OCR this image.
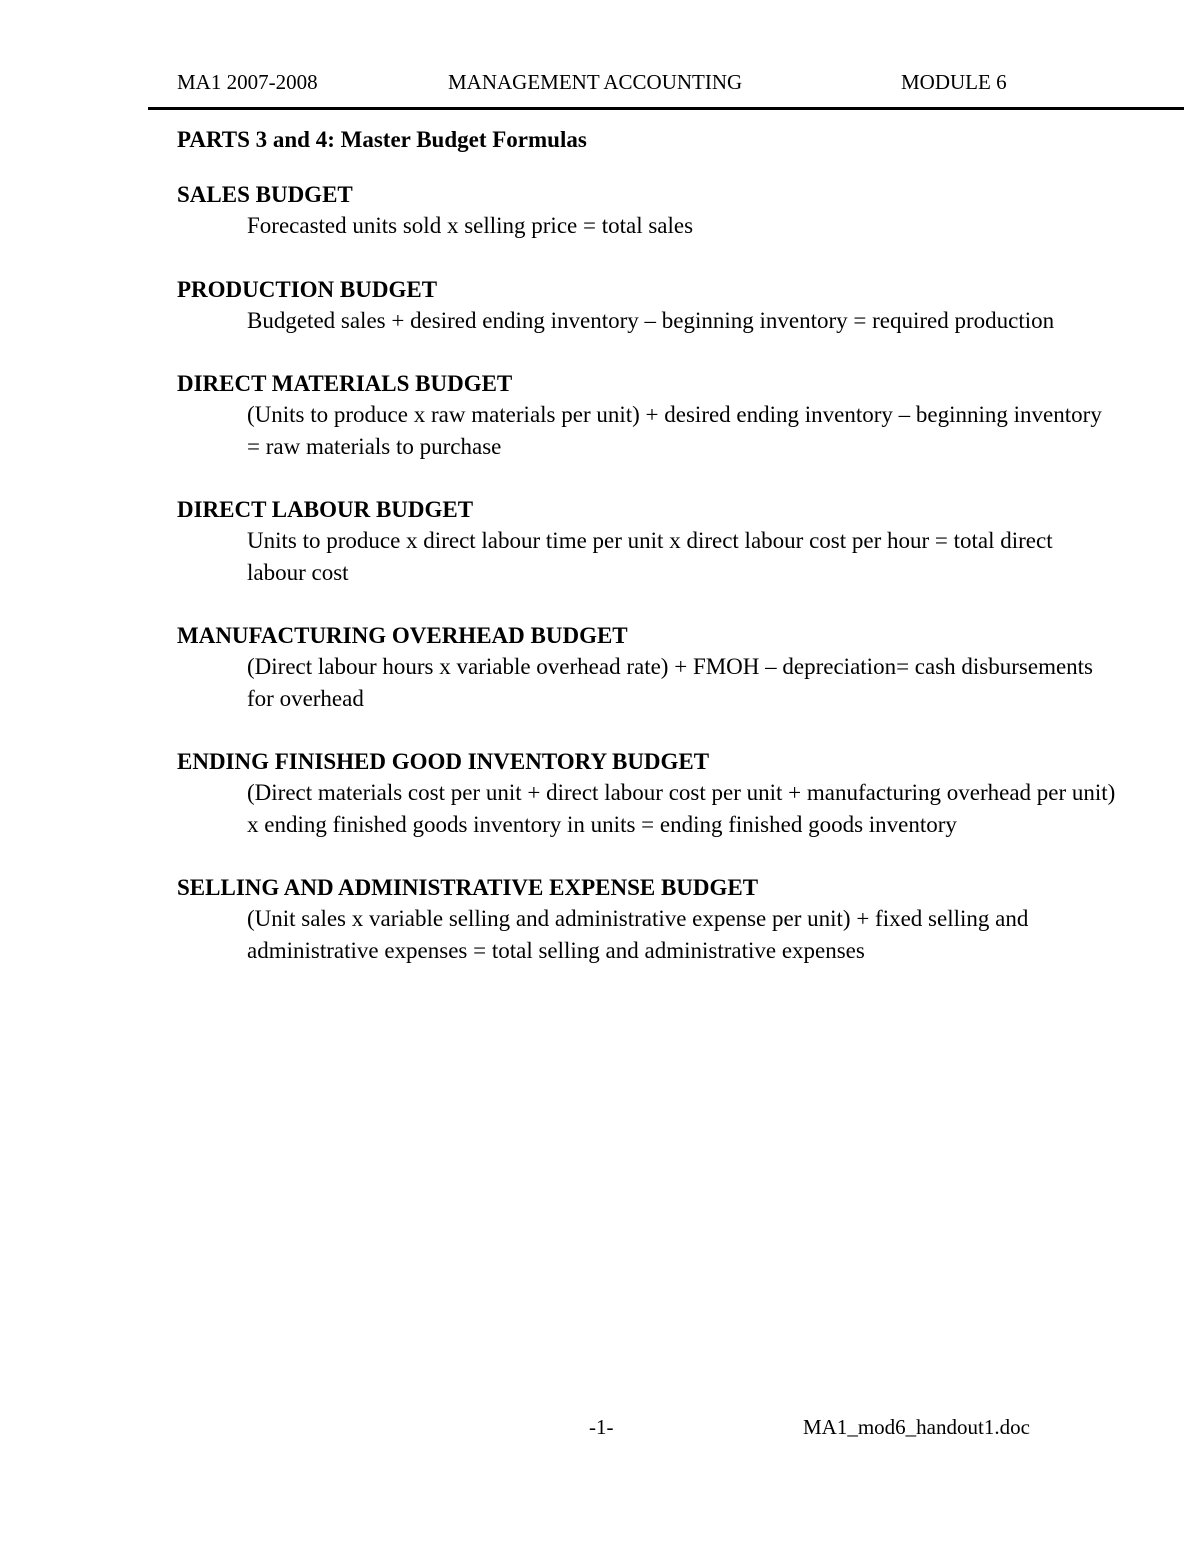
MA1 2007-2008	MANAGEMENT ACCOUNTING	MODULE 6
PARTS 3 and 4: Master Budget Formulas
SALES BUDGET

Forecasted units sold x selling price = total sales

PRODUCTION BUDGET

Budgeted sales + desired ending inventory – beginning inventory = required production

DIRECT MATERIALS BUDGET

(Units to produce x raw materials per unit) + desired ending inventory – beginning inventory = raw materials to purchase

DIRECT LABOUR BUDGET

Units to produce x direct labour time per unit x direct labour cost per hour = total direct labour cost

MANUFACTURING OVERHEAD BUDGET

(Direct labour hours x variable overhead rate) + FMOH – depreciation= cash disbursements for overhead

ENDING FINISHED GOOD INVENTORY BUDGET

(Direct materials cost per unit + direct labour cost per unit + manufacturing overhead per unit) x ending finished goods inventory in units = ending finished goods inventory

SELLING AND ADMINISTRATIVE EXPENSE BUDGET

(Unit sales x variable selling and administrative expense per unit) + fixed selling and administrative expenses = total selling and administrative expenses

-1-	MA1_mod6_handout1.doc
